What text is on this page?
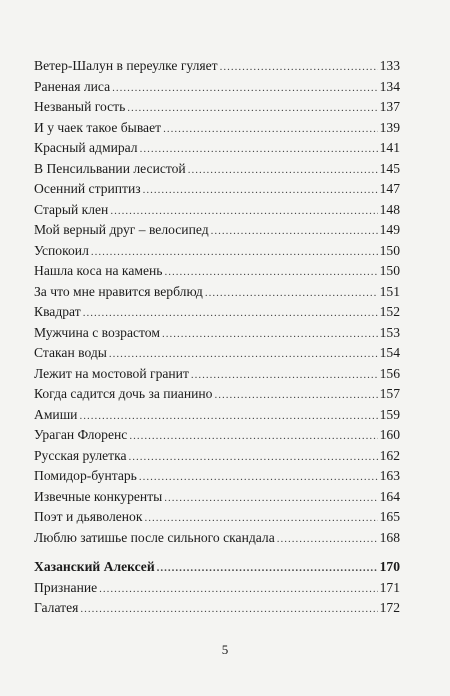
Ветер-Шалун в переулке гуляет .....	133
Раненая лиса .....	134
Незваный гость .....	137
И у чаек такое бывает .....	139
Красный адмирал .....	141
В Пенсильвании лесистой .....	145
Осенний стриптиз .....	147
Старый клен .....	148
Мой верный друг – велосипед .....	149
Успокоил .....	150
Нашла коса на камень .....	150
За что мне нравится верблюд .....	151
Квадрат .....	152
Мужчина с возрастом .....	153
Стакан воды .....	154
Лежит на мостовой гранит .....	156
Когда садится дочь за пианино .....	157
Амиши .....	159
Ураган Флоренс .....	160
Русская рулетка .....	162
Помидор-бунтарь .....	163
Извечные конкуренты .....	164
Поэт и дьяволенок .....	165
Люблю затишье после сильного скандала .....	168
Хазанский Алексей .....	170
Признание .....	171
Галатея .....	172
5
